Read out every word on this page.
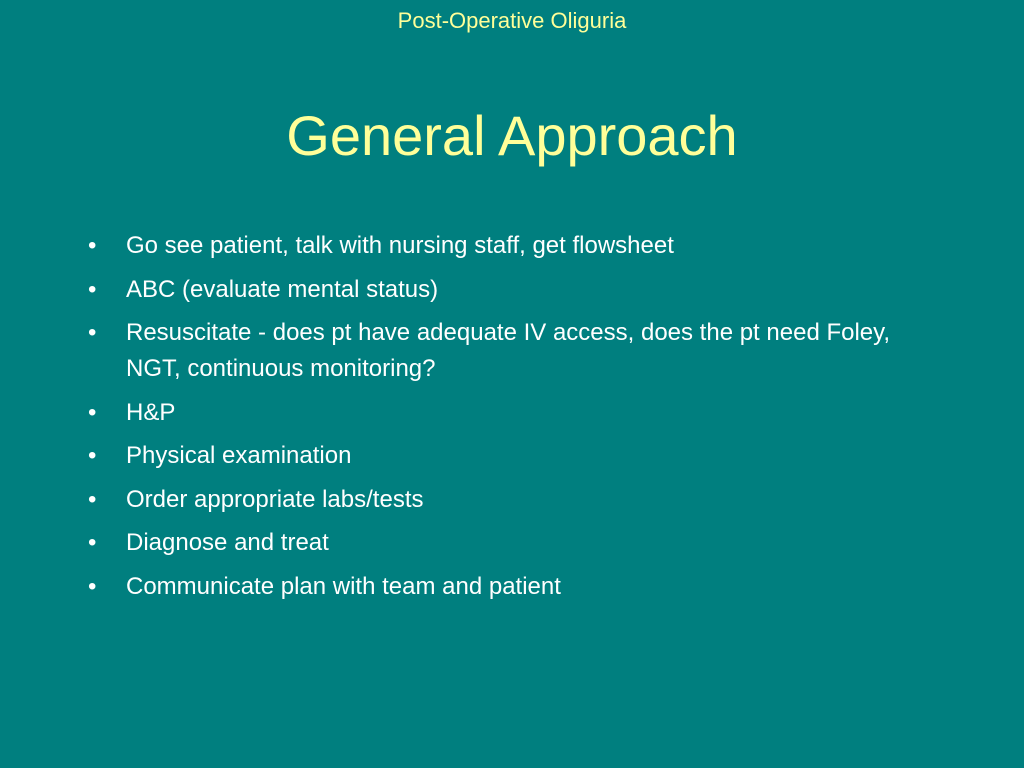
Post-Operative Oliguria
General Approach
• Go see patient, talk with nursing staff, get flowsheet
• ABC (evaluate mental status)
• Resuscitate - does pt have adequate IV access, does the pt need Foley, NGT, continuous monitoring?
• H&P
• Physical examination
• Order appropriate labs/tests
• Diagnose and treat
• Communicate plan with team and patient
